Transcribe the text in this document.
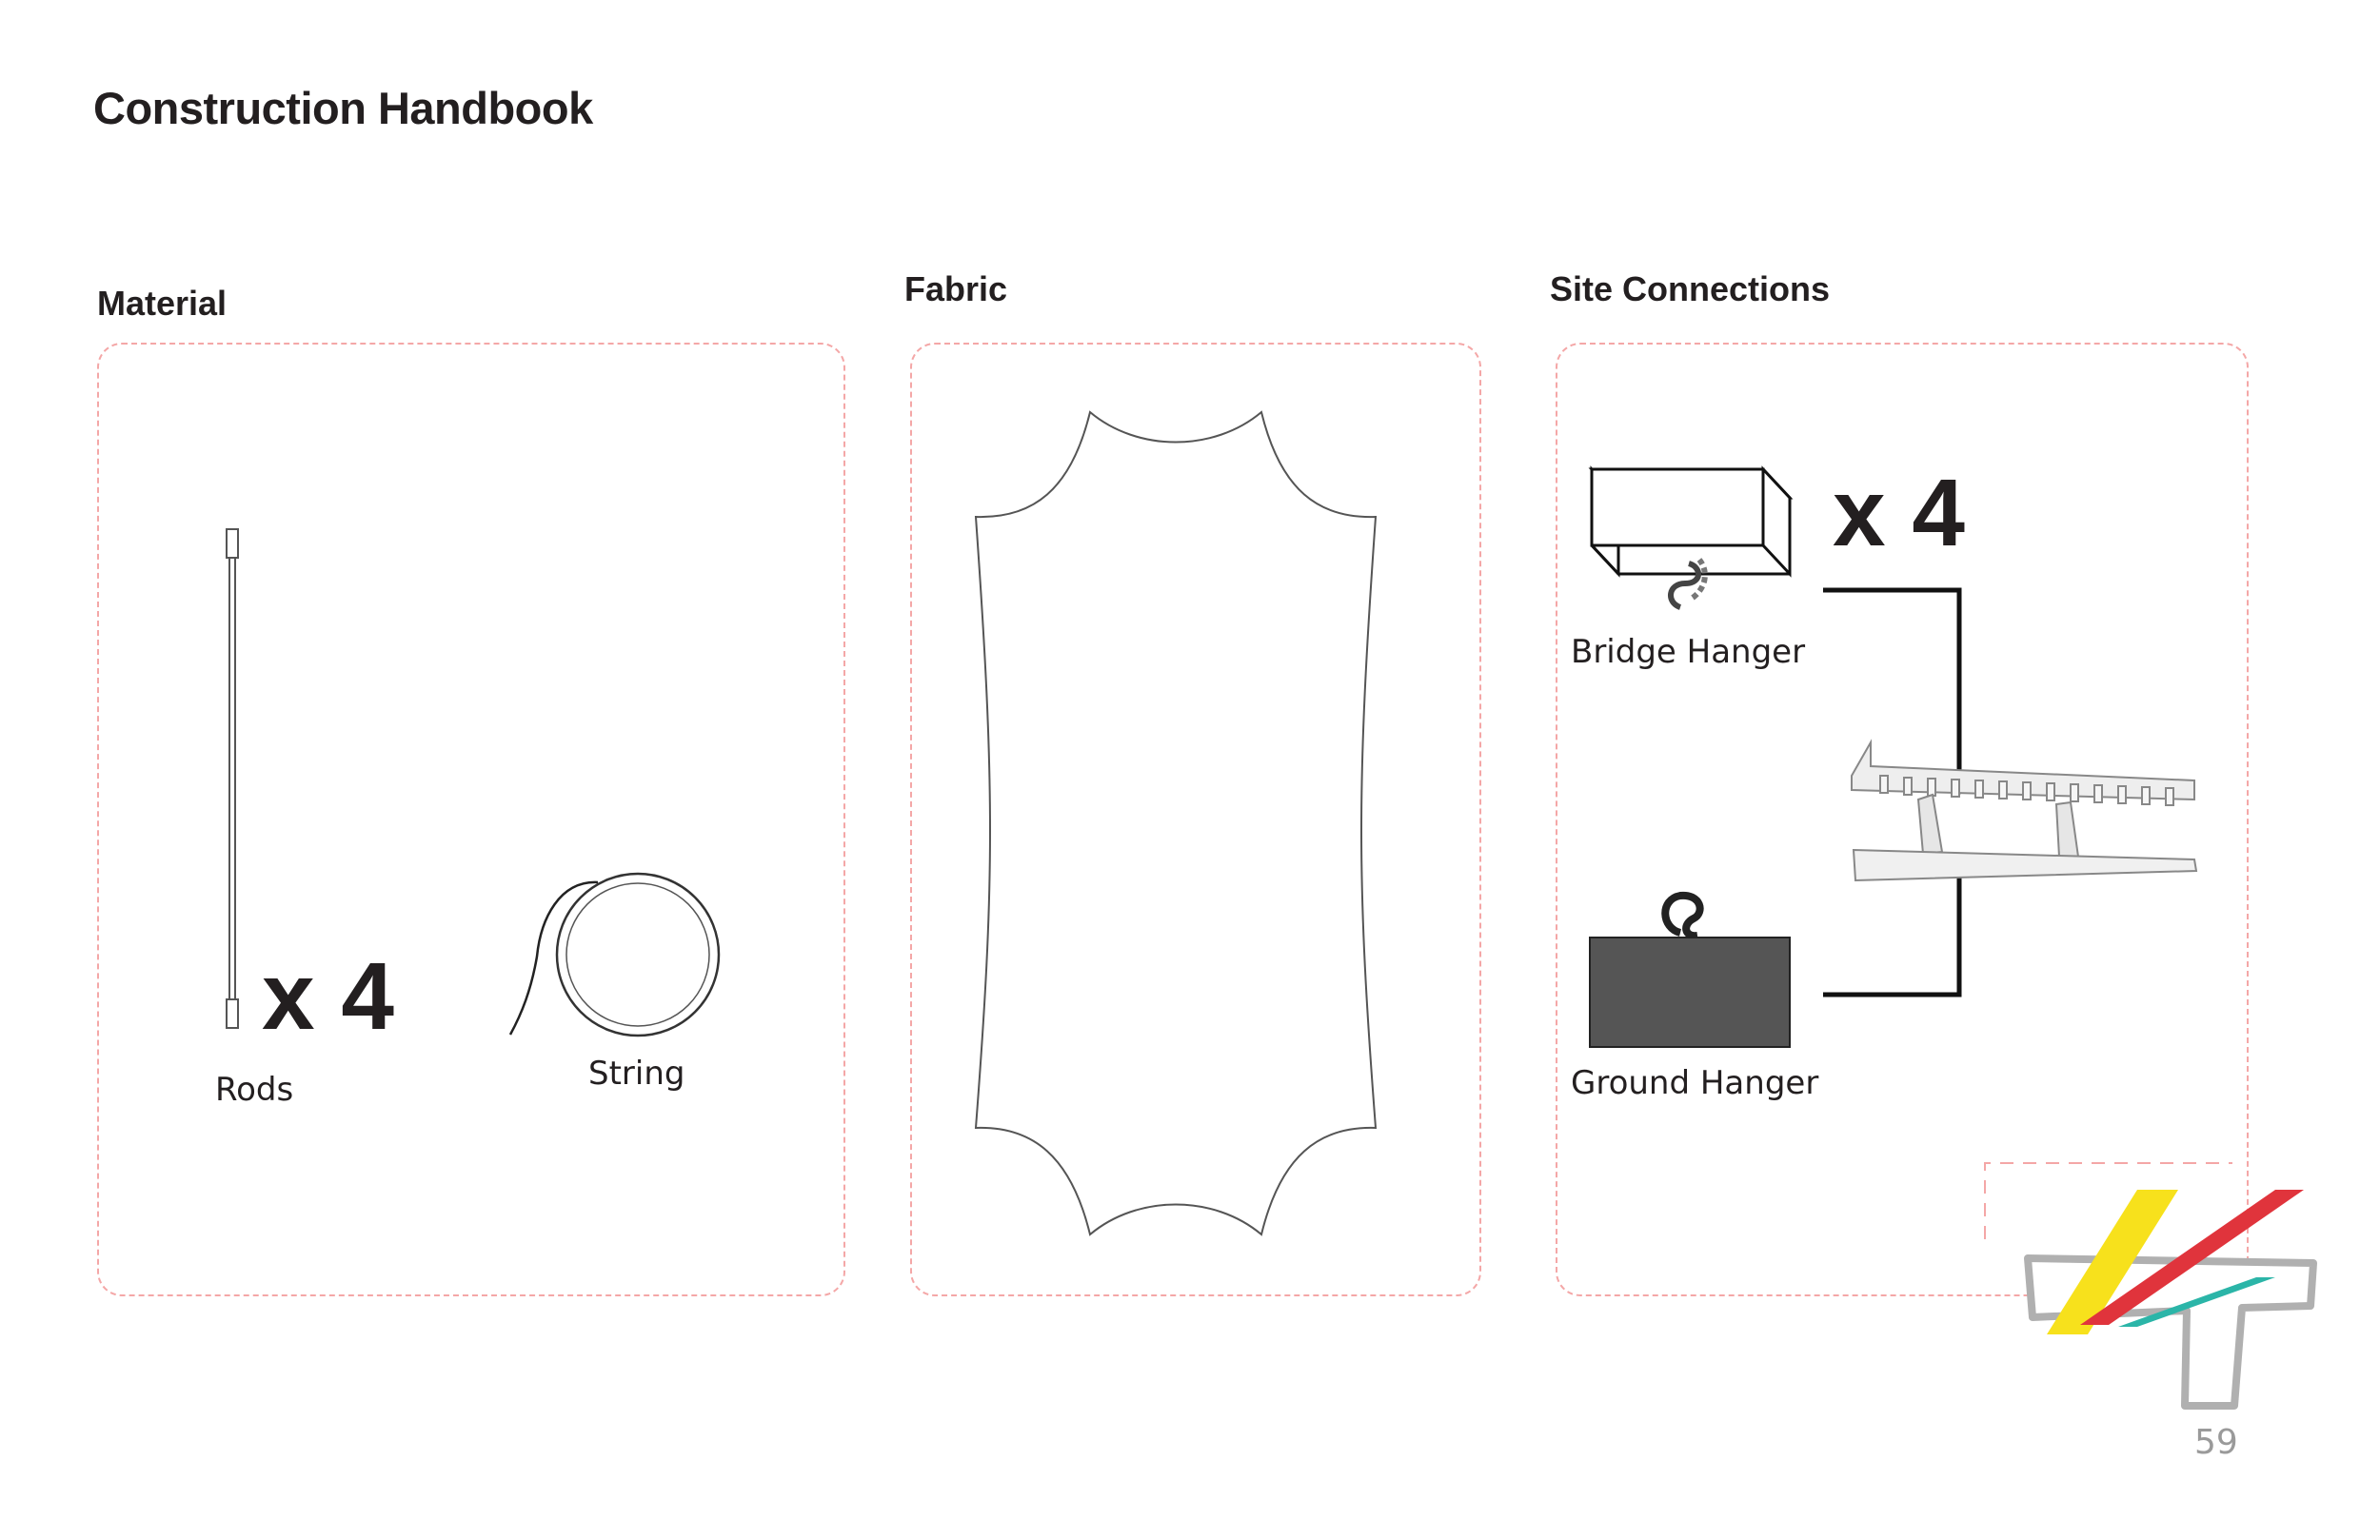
Construction Handbook
Material	Fabric	Site Connections
x 4
Rods	String
x 4
Bridge Hanger
Ground Hanger
59
